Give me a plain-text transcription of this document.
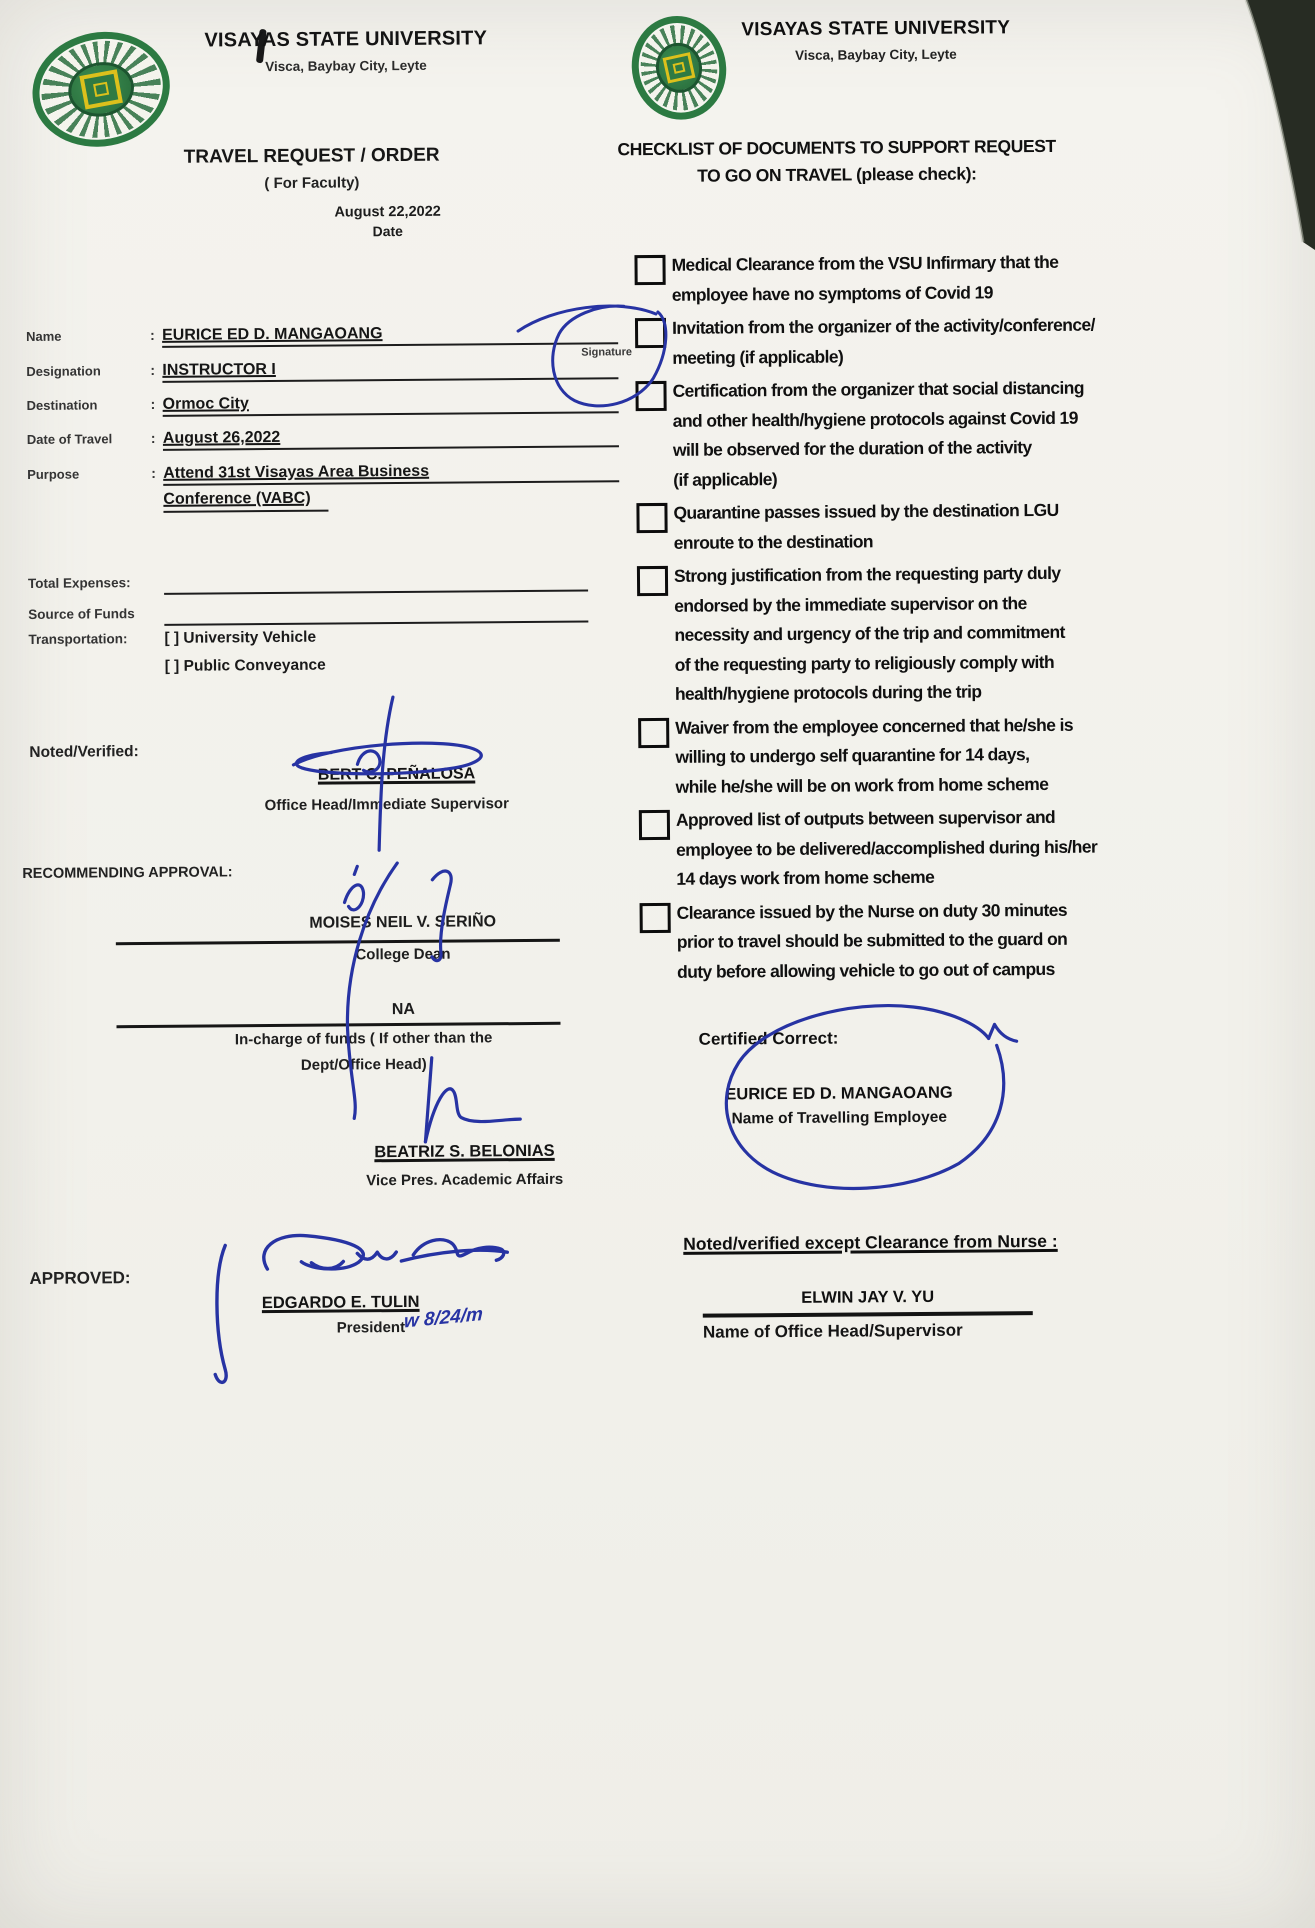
VISAYAS STATE UNIVERSITY
Visca, Baybay City, Leyte
TRAVEL REQUEST / ORDER
( For Faculty)
August 22,2022
Date
Name	: EURICE ED D. MANGAOANG
Designation	: INSTRUCTOR I
Destination	: Ormoc City
Date of Travel	: August 26,2022
Purpose	: Attend 31st Visayas Area Business
Conference (VABC)
Signature
Total Expenses:
Source of Funds
Transportation: [ ] University Vehicle
[ ] Public Conveyance
Noted/Verified:
BERT C. PEÑALOSA
Office Head/Immediate Supervisor
RECOMMENDING APPROVAL:
MOISES NEIL V. SERIÑO
College Dean
NA
In-charge of funds ( If other than the
Dept/Office Head)
BEATRIZ S. BELONIAS
Vice Pres. Academic Affairs
APPROVED:
EDGARDO E. TULIN
President
w 8/24/m
VISAYAS STATE UNIVERSITY
Visca, Baybay City, Leyte
CHECKLIST OF DOCUMENTS TO SUPPORT REQUEST
TO GO ON TRAVEL (please check):
Medical Clearance from the VSU Infirmary that the
employee have no symptoms of Covid 19
Invitation from the organizer of the activity/conference/
meeting (if applicable)
Certification from the organizer that social distancing
and other health/hygiene protocols against Covid 19
will be observed for the duration of the activity
(if applicable)
Quarantine passes issued by the destination LGU
enroute to the destination
Strong justification from the requesting party duly
endorsed by the immediate supervisor on the
necessity and urgency of the trip and commitment
of the requesting party to religiously comply with
health/hygiene protocols during the trip
Waiver from the employee concerned that he/she is
willing to undergo self quarantine for 14 days,
while he/she will be on work from home scheme
Approved list of outputs between supervisor and
employee to be delivered/accomplished during his/her
14 days work from home scheme
Clearance issued by the Nurse on duty 30 minutes
prior to travel should be submitted to the guard on
duty before allowing vehicle to go out of campus
Certified Correct:
EURICE ED D. MANGAOANG
Name of Travelling Employee
Noted/verified except Clearance from Nurse :
ELWIN JAY V. YU
Name of Office Head/Supervisor
